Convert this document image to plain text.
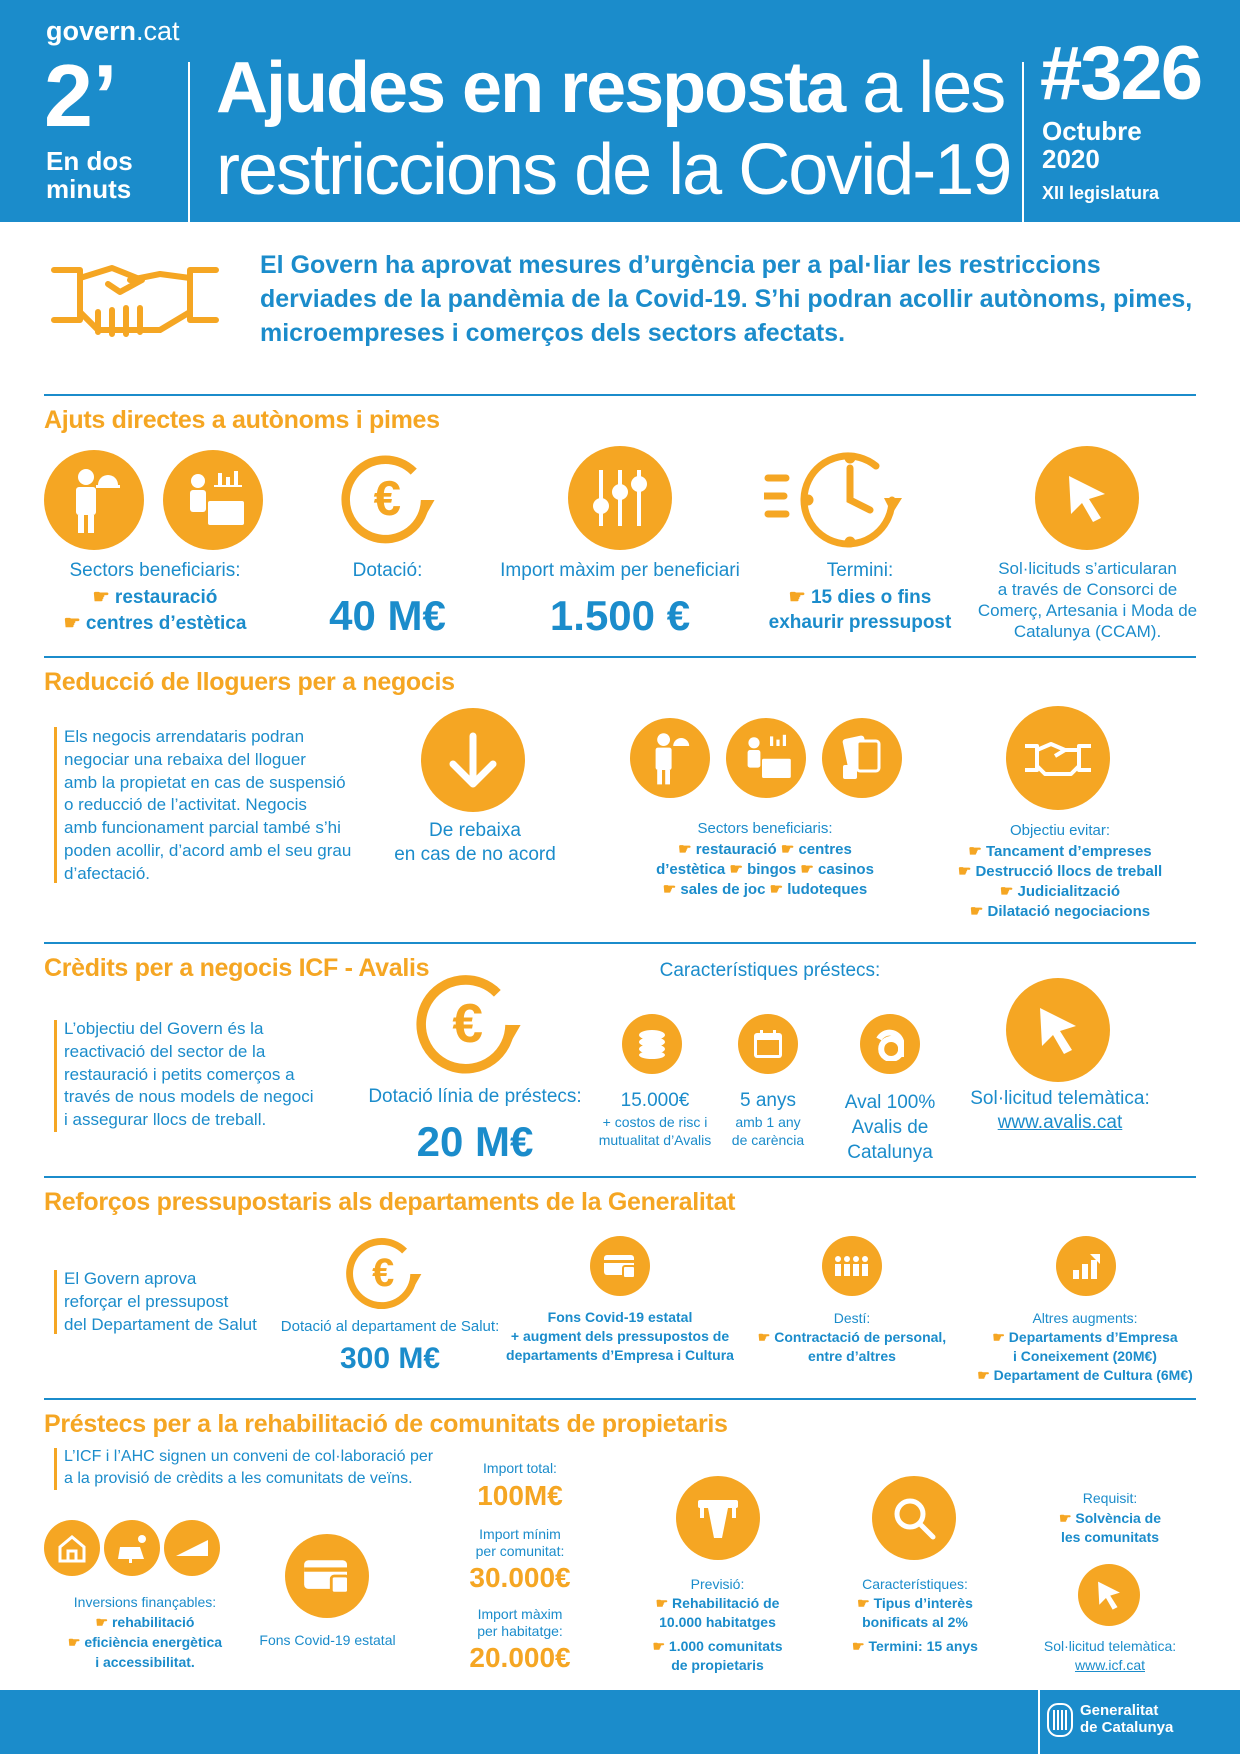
govern.cat
2’
En dos
minuts
Ajudes en resposta a les
restriccions de la Covid-19
#326
Octubre
2020
XII legislatura
El Govern ha aprovat mesures d’urgència per a pal·liar les restriccions derviades de la pandèmia de la Covid-19. S’hi podran acollir autònoms, pimes, microempreses i comerços dels sectors afectats.
Ajuts directes a autònoms i pimes
€
Sectors beneficiaris:
☛ restauració
☛ centres d’estètica
Dotació:
40 M€
Import màxim per beneficiari
1.500 €
Termini:
☛ 15 dies o fins
exhaurir pressupost
Sol·licituds s’articularan
a través de Consorci de
Comerç, Artesania i Moda de
Catalunya (CCAM).
Reducció de lloguers per a negocis
Els negocis arrendataris podran
negociar una rebaixa del lloguer
amb la propietat en cas de suspensió
o reducció de l’activitat. Negocis
amb funcionament parcial també s’hi
poden acollir, d’acord amb el seu grau
d’afectació.
De rebaixa
en cas de no acord
Sectors beneficiaris:
☛ restauració ☛ centres
d’estètica ☛ bingos ☛ casinos
☛ sales de joc ☛ ludoteques
Objectiu evitar:
☛ Tancament d’empreses
☛ Destrucció llocs de treball
☛ Judicialització
☛ Dilatació negociacions
Crèdits per a negocis ICF - Avalis
L’objectiu del Govern és la
reactivació del sector de la
restauració i petits comerços a
través de nous models de negoci
i assegurar llocs de treball.
€
Dotació línia de préstecs:
20 M€
Característiques préstecs:
15.000€
+ costos de risc i
mutualitat d’Avalis
5 anys
amb 1 any
de carència
Aval 100%
Avalis de
Catalunya
Sol·licitud telemàtica:
www.avalis.cat
Reforços pressupostaris als departaments de la Generalitat
El Govern aprova
reforçar el pressupost
del Departament de Salut
€
Dotació al departament de Salut:
300 M€
Fons Covid-19 estatal
+ augment dels pressupostos de
departaments d’Empresa i Cultura
Destí:
☛ Contractació de personal,
entre d’altres
Altres augments:
☛ Departaments d’Empresa
i Coneixement (20M€)
☛ Departament de Cultura (6M€)
Préstecs per a la rehabilitació de comunitats de propietaris
L’ICF i l’AHC signen un conveni de col·laboració per
a la provisió de crèdits a les comunitats de veïns.
Inversions finançables:
☛ rehabilitació
☛ eficiència energètica
i accessibilitat.
Fons Covid-19 estatal
Import total:
100M€
Import mínim
per comunitat:
30.000€
Import màxim
per habitatge:
20.000€
Previsió:
☛ Rehabilitació de
10.000 habitatges
☛ 1.000 comunitats
de propietaris
Característiques:
☛ Tipus d’interès
bonificats al 2%
☛ Termini: 15 anys
Requisit:
☛ Solvència de
les comunitats
Sol·licitud telemàtica:
www.icf.cat
Generalitat
de Catalunya
